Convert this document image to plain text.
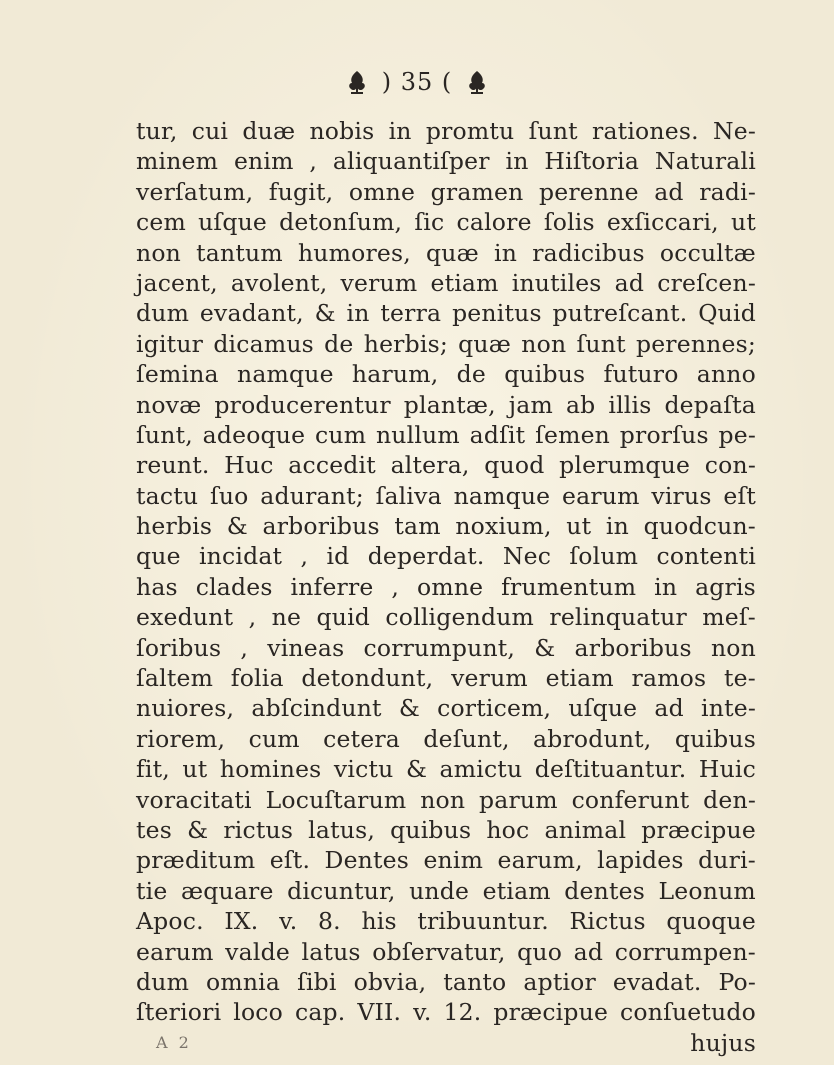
) 35 (
tur, cui duæ nobis in promtu ſunt rationes. Ne-
minem enim , aliquantiſper in Hiſtoria Naturali
verſatum, fugit, omne gramen perenne ad radi-
cem uſque detonſum, ſic calore ſolis exſiccari, ut
non tantum humores, quæ in radicibus occultæ
jacent, avolent, verum etiam inutiles ad creſcen-
dum evadant, & in terra penitus putreſcant. Quid
igitur dicamus de herbis; quæ non ſunt perennes;
ſemina namque harum, de quibus futuro anno
novæ producerentur plantæ, jam ab illis depaſta
ſunt, adeoque cum nullum adſit ſemen prorſus pe-
reunt. Huc accedit altera, quod plerumque con-
tactu ſuo adurant; ſaliva namque earum virus eſt
herbis & arboribus tam noxium, ut in quodcun-
que incidat , id deperdat. Nec ſolum contenti
has clades inferre , omne frumentum in agris
exedunt , ne quid colligendum relinquatur meſ-
ſoribus , vineas corrumpunt, & arboribus non
ſaltem folia detondunt, verum etiam ramos te-
nuiores, abſcindunt & corticem, uſque ad inte-
riorem, cum cetera deſunt, abrodunt, quibus
fit, ut homines victu & amictu deſtituantur. Huic
voracitati Locuſtarum non parum conferunt den-
tes & rictus latus, quibus hoc animal præcipue
præditum eſt. Dentes enim earum, lapides duri-
tie æquare dicuntur, unde etiam dentes Leonum
Apoc. IX. v. 8. his tribuuntur. Rictus quoque
earum valde latus obſervatur, quo ad corrumpen-
dum omnia ſibi obvia, tanto aptior evadat. Po-
ſteriori loco cap. VII. v. 12. præcipue conſuetudo
A 2	hujus
